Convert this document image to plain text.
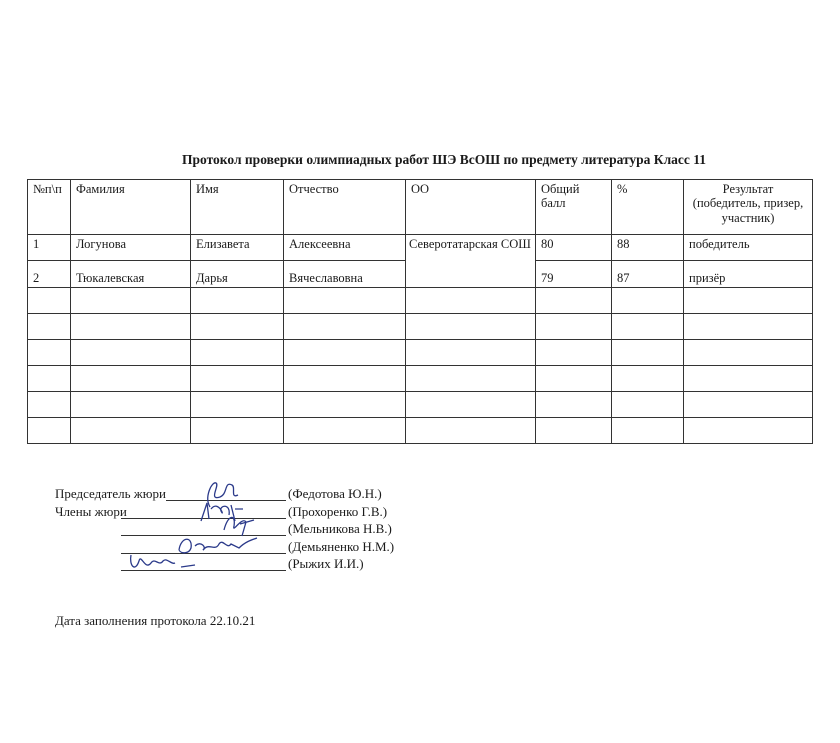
Протокол проверки олимпиадных работ ШЭ ВсОШ по предмету литература Класс 11
№п\п	Фамилия	Имя	Отчество	ОО	Общий балл	%	Результат
(победитель, призер,
участник)
1	Логунова	Елизавета	Алексеевна	Северотатарская СОШ	80	88	победитель
2	Тюкалевская	Дарья	Вячеславовна		79	87	призёр

Председатель жюри	(Федотова Ю.Н.)
Члены жюри	(Прохоренко Г.В.)
(Мельникова Н.В.)
(Демьяненко Н.М.)
(Рыжих И.И.)
Дата заполнения протокола 22.10.21
